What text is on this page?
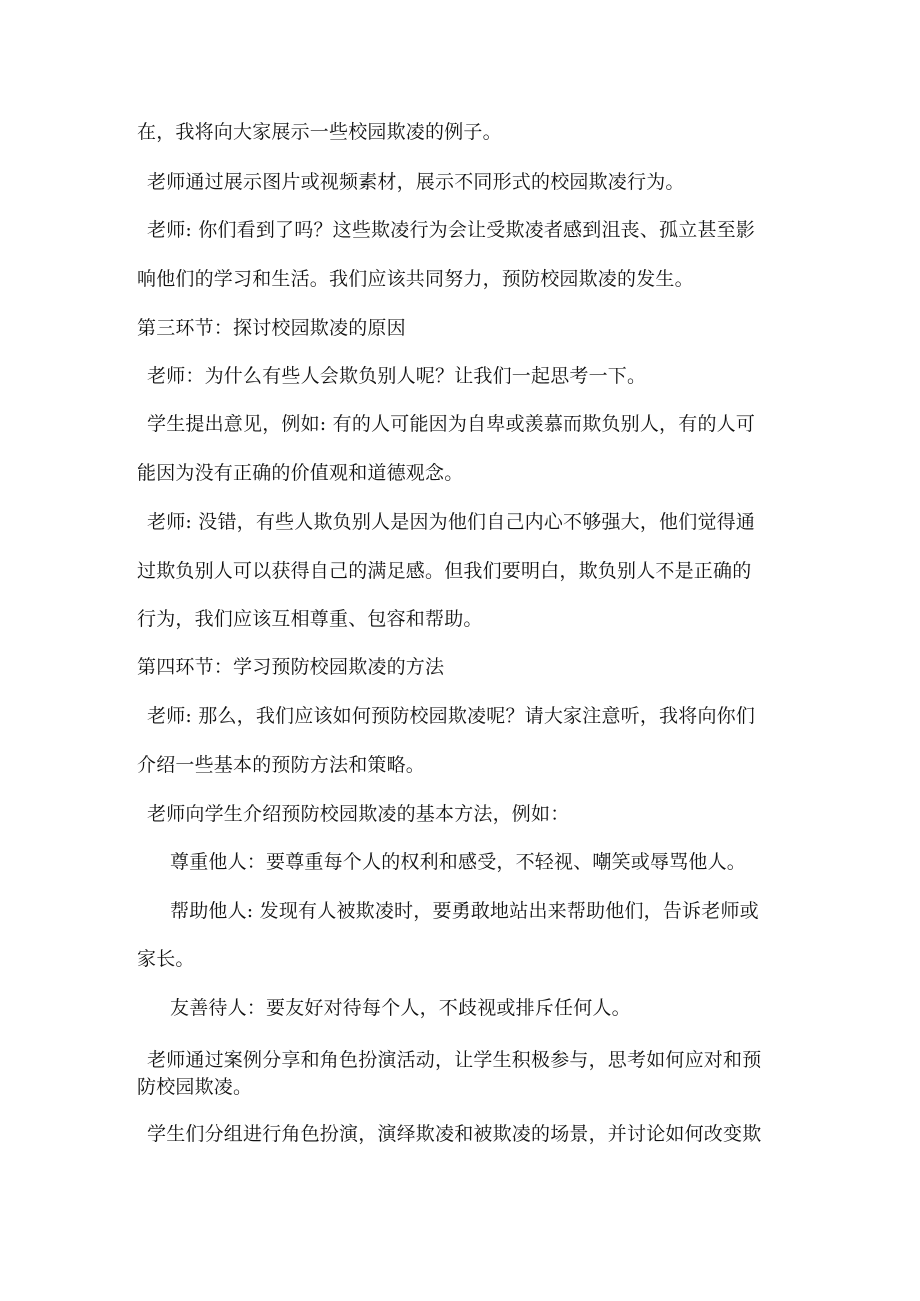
在，我将向大家展示一些校园欺凌的例子。
老师通过展示图片或视频素材，展示不同形式的校园欺凌行为。
老师: 你们看到了吗？这些欺凌行为会让受欺凌者感到沮丧、孤立甚至影
响他们的学习和生活。我们应该共同努力，预防校园欺凌的发生。
第三环节：探讨校园欺凌的原因
老师：为什么有些人会欺负别人呢？让我们一起思考一下。
学生提出意见，例如: 有的人可能因为自卑或羡慕而欺负别人，有的人可
能因为没有正确的价值观和道德观念。
老师: 没错，有些人欺负别人是因为他们自己内心不够强大，他们觉得通
过欺负别人可以获得自己的满足感。但我们要明白，欺负别人不是正确的
行为，我们应该互相尊重、包容和帮助。
第四环节：学习预防校园欺凌的方法
老师: 那么，我们应该如何预防校园欺凌呢？请大家注意听，我将向你们
介绍一些基本的预防方法和策略。
老师向学生介绍预防校园欺凌的基本方法，例如：
尊重他人：要尊重每个人的权利和感受，不轻视、嘲笑或辱骂他人。
帮助他人: 发现有人被欺凌时，要勇敢地站出来帮助他们，告诉老师或
家长。
友善待人：要友好对待每个人，不歧视或排斥任何人。
老师通过案例分享和角色扮演活动，让学生积极参与，思考如何应对和预
防校园欺凌。
学生们分组进行角色扮演，演绎欺凌和被欺凌的场景，并讨论如何改变欺
